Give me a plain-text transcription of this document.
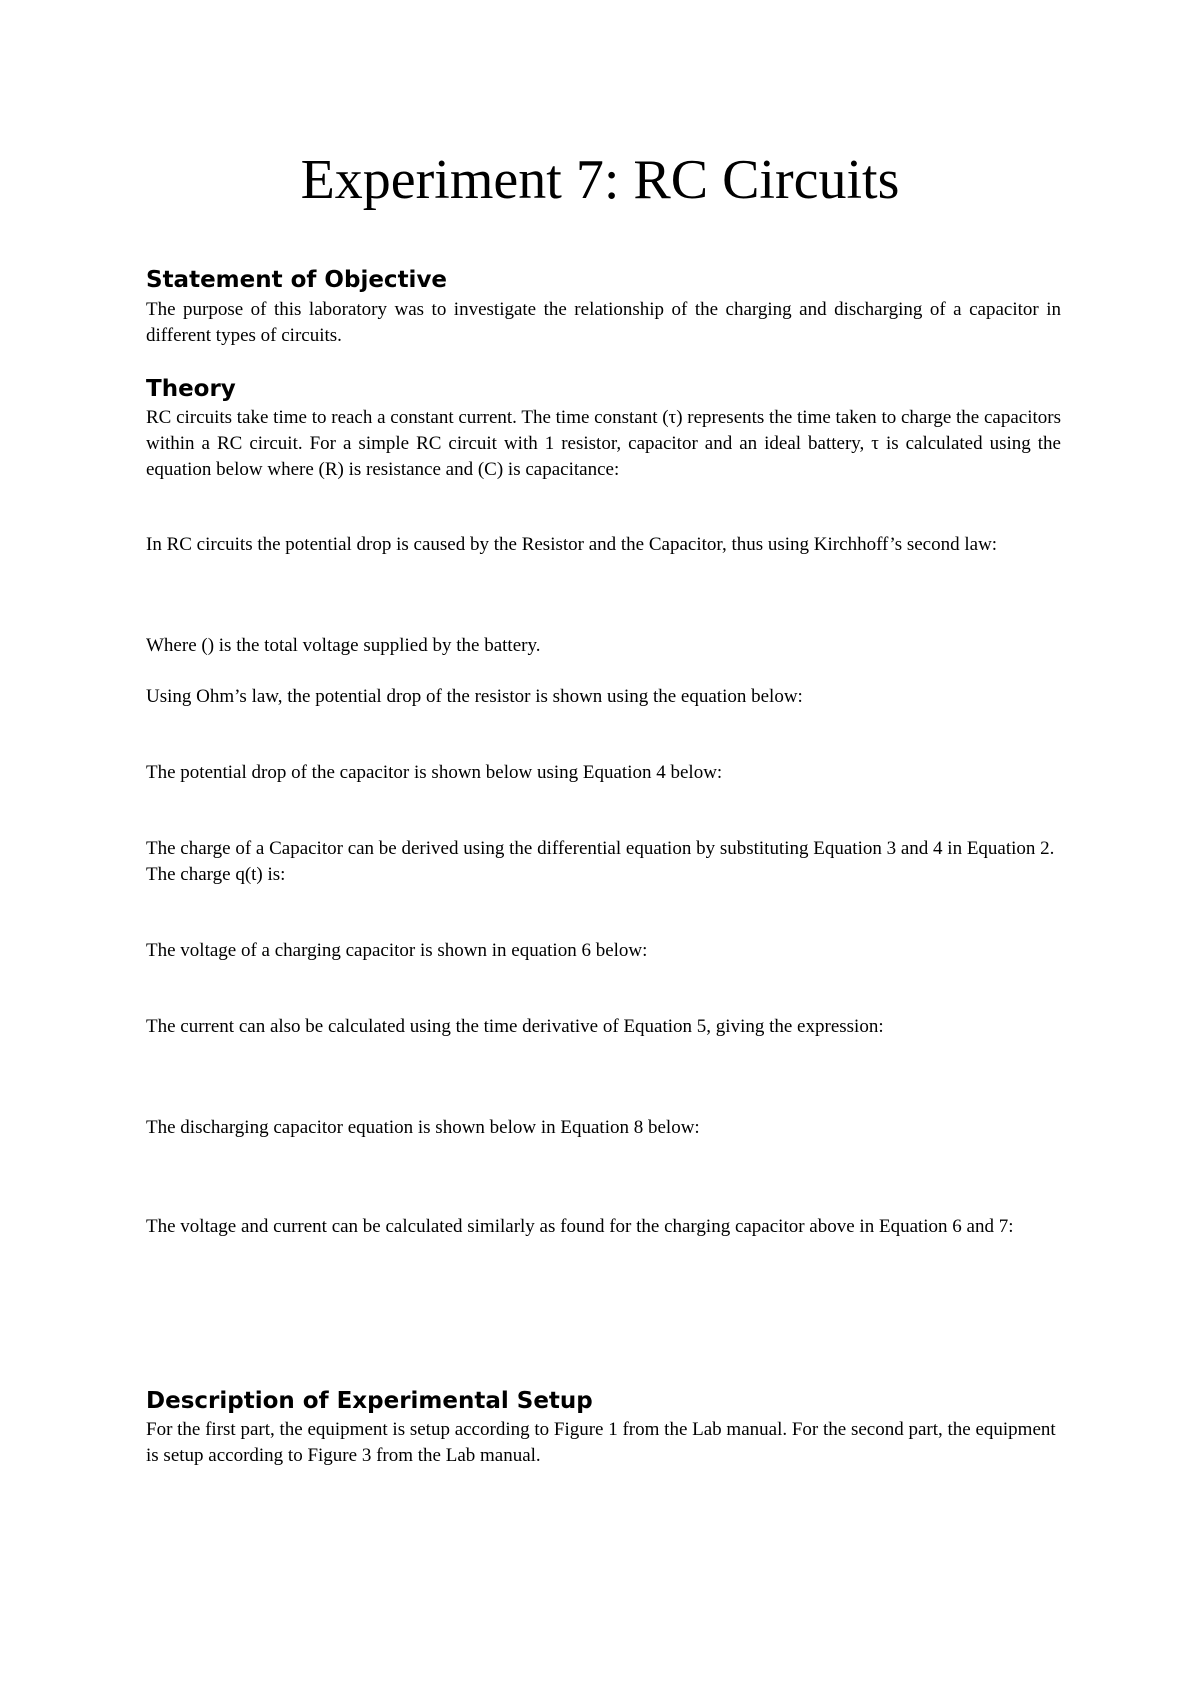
Experiment 7: RC Circuits
Statement of Objective

The purpose of this laboratory was to investigate the relationship of the charging and discharging of a capacitor in different types of circuits.

Theory

RC circuits take time to reach a constant current. The time constant (τ) represents the time taken to charge the capacitors within a RC circuit. For a simple RC circuit with 1 resistor, capacitor and an ideal battery, τ is calculated using the equation below where (R) is resistance and (C) is capacitance:

In RC circuits the potential drop is caused by the Resistor and the Capacitor, thus using Kirchhoff’s second law:

Where () is the total voltage supplied by the battery.

Using Ohm’s law, the potential drop of the resistor is shown using the equation below:

The potential drop of the capacitor is shown below using Equation 4 below:

The charge of a Capacitor can be derived using the differential equation by substituting Equation 3 and 4 in Equation 2. The charge q(t) is:

The voltage of a charging capacitor is shown in equation 6 below:

The current can also be calculated using the time derivative of Equation 5, giving the expression:

The discharging capacitor equation is shown below in Equation 8 below:

The voltage and current can be calculated similarly as found for the charging capacitor above in Equation 6 and 7:

Description of Experimental Setup

For the first part, the equipment is setup according to Figure 1 from the Lab manual. For the second part, the equipment is setup according to Figure 3 from the Lab manual.
